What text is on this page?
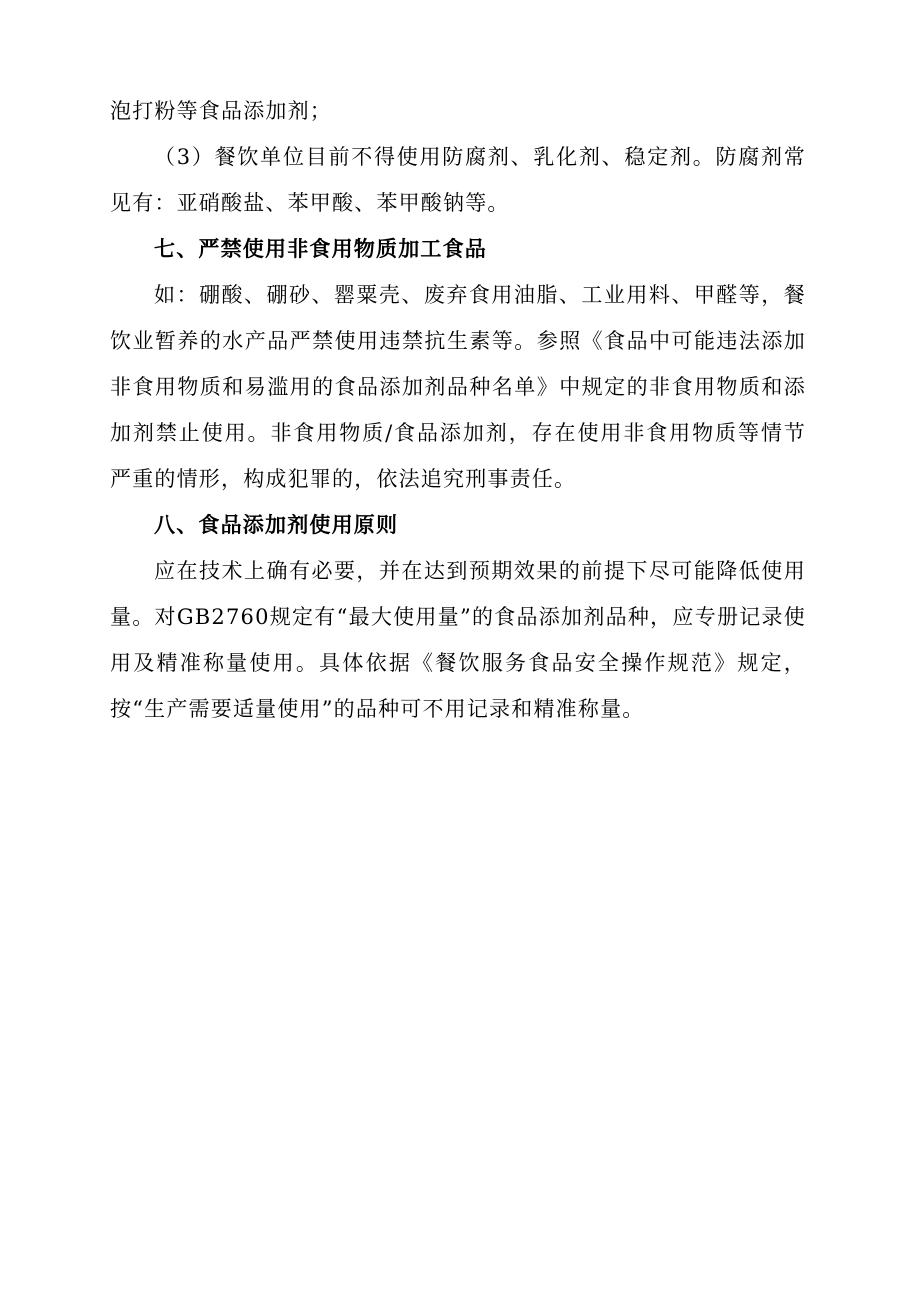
泡打粉等食品添加剂；

（3）餐饮单位目前不得使用防腐剂、乳化剂、稳定剂。防腐剂常见有：亚硝酸盐、苯甲酸、苯甲酸钠等。

七、严禁使用非食用物质加工食品

如：硼酸、硼砂、罂粟壳、废弃食用油脂、工业用料、甲醛等，餐饮业暂养的水产品严禁使用违禁抗生素等。参照《食品中可能违法添加非食用物质和易滥用的食品添加剂品种名单》中规定的非食用物质和添加剂禁止使用。非食用物质/食品添加剂，存在使用非食用物质等情节严重的情形，构成犯罪的，依法追究刑事责任。

八、食品添加剂使用原则

应在技术上确有必要，并在达到预期效果的前提下尽可能降低使用量。对GB2760规定有“最大使用量”的食品添加剂品种，应专册记录使用及精准称量使用。具体依据《餐饮服务食品安全操作规范》规定，按“生产需要适量使用”的品种可不用记录和精准称量。
